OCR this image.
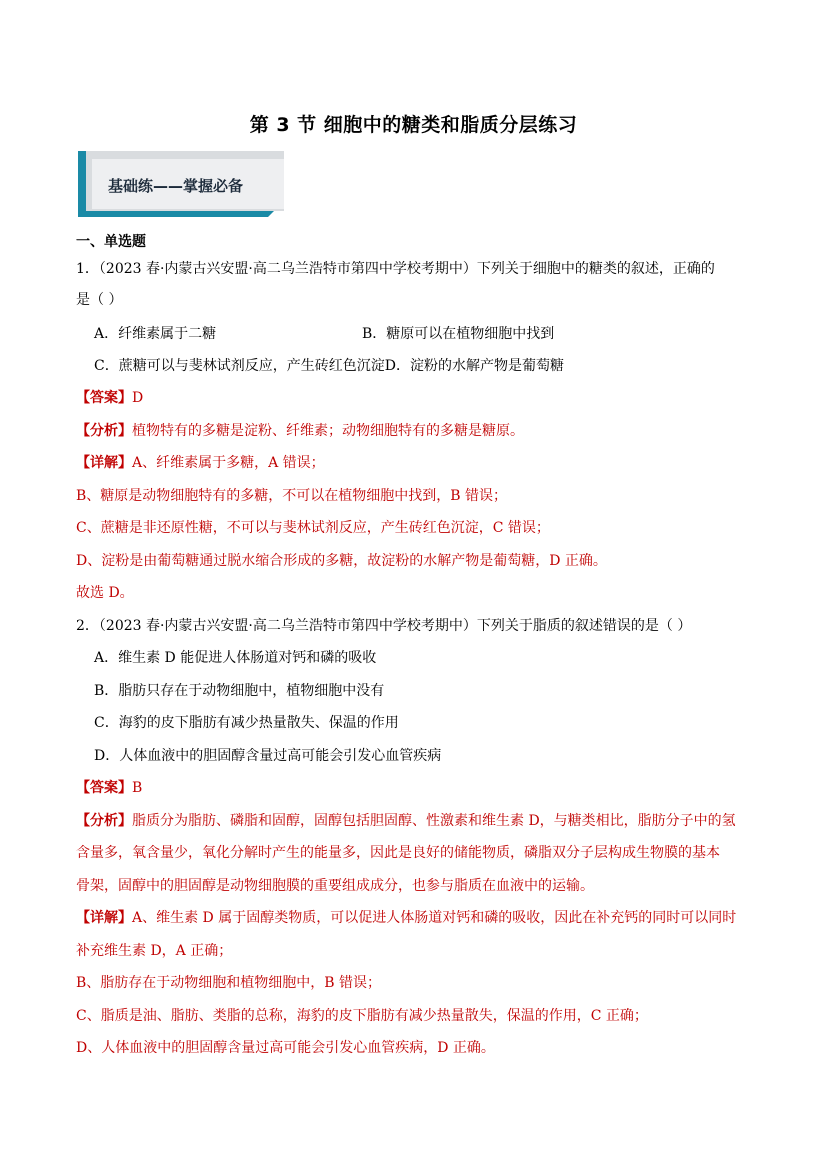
第 3 节 细胞中的糖类和脂质分层练习
基础练——掌握必备
一、单选题
1．（2023 春·内蒙古兴安盟·高二乌兰浩特市第四中学校考期中）下列关于细胞中的糖类的叙述，正确的
是（ ）
A．纤维素属于二糖	B．糖原可以在植物细胞中找到
C．蔗糖可以与斐林试剂反应，产生砖红色沉淀D．淀粉的水解产物是葡萄糖
【答案】D
【分析】植物特有的多糖是淀粉、纤维素；动物细胞特有的多糖是糖原。
【详解】A、纤维素属于多糖，A 错误；
B、糖原是动物细胞特有的多糖，不可以在植物细胞中找到，B 错误；
C、蔗糖是非还原性糖，不可以与斐林试剂反应，产生砖红色沉淀，C 错误；
D、淀粉是由葡萄糖通过脱水缩合形成的多糖，故淀粉的水解产物是葡萄糖，D 正确。
故选 D。
2．（2023 春·内蒙古兴安盟·高二乌兰浩特市第四中学校考期中）下列关于脂质的叙述错误的是（ ）
A．维生素 D 能促进人体肠道对钙和磷的吸收
B．脂肪只存在于动物细胞中，植物细胞中没有
C．海豹的皮下脂肪有减少热量散失、保温的作用
D．人体血液中的胆固醇含量过高可能会引发心血管疾病
【答案】B
【分析】脂质分为脂肪、磷脂和固醇，固醇包括胆固醇、性激素和维生素 D，与糖类相比，脂肪分子中的氢
含量多，氧含量少，氧化分解时产生的能量多，因此是良好的储能物质，磷脂双分子层构成生物膜的基本
骨架，固醇中的胆固醇是动物细胞膜的重要组成成分，也参与脂质在血液中的运输。
【详解】A、维生素 D 属于固醇类物质，可以促进人体肠道对钙和磷的吸收，因此在补充钙的同时可以同时
补充维生素 D，A 正确；
B、脂肪存在于动物细胞和植物细胞中，B 错误；
C、脂质是油、脂肪、类脂的总称，海豹的皮下脂肪有减少热量散失，保温的作用，C 正确；
D、人体血液中的胆固醇含量过高可能会引发心血管疾病，D 正确。
